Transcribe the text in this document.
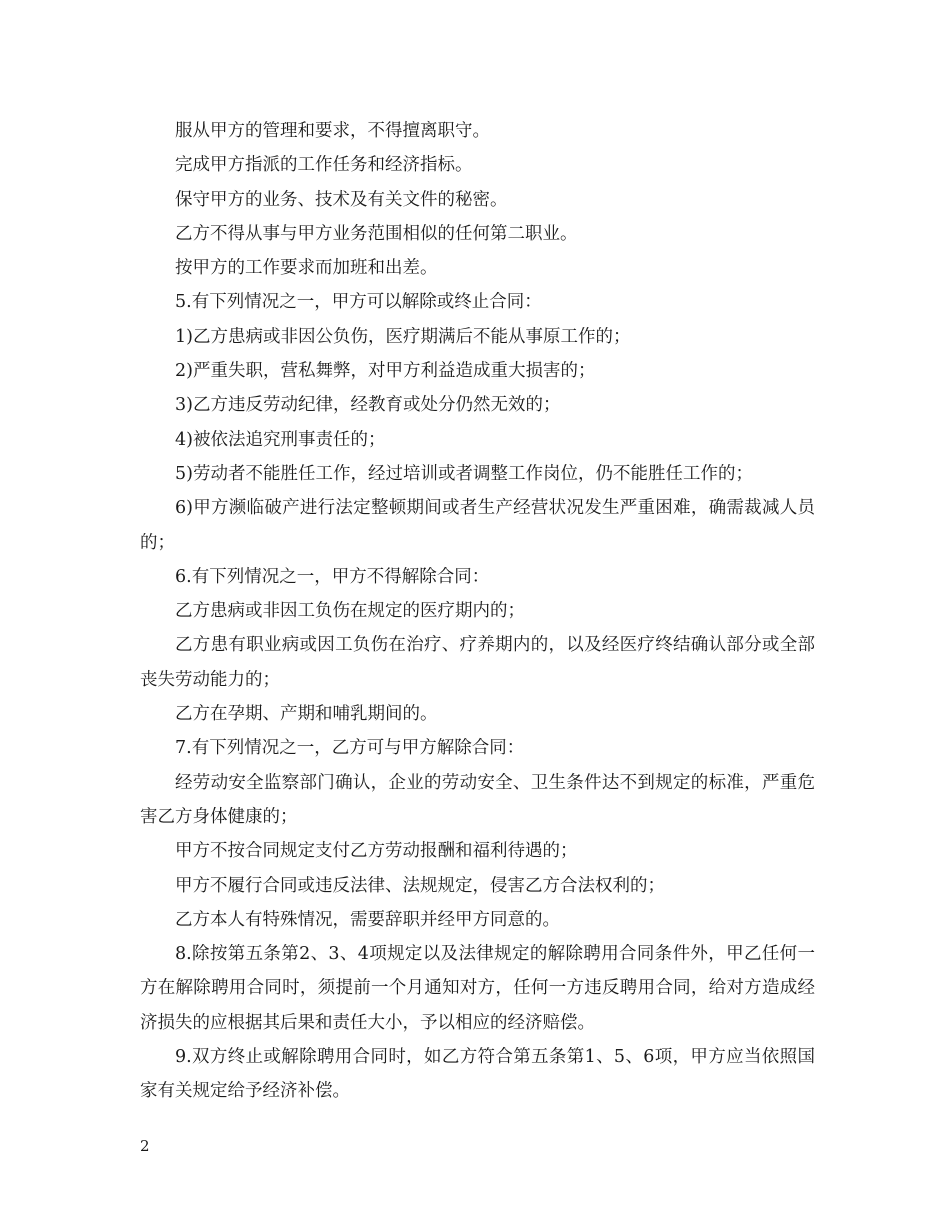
服从甲方的管理和要求，不得擅离职守。

完成甲方指派的工作任务和经济指标。

保守甲方的业务、技术及有关文件的秘密。

乙方不得从事与甲方业务范围相似的任何第二职业。

按甲方的工作要求而加班和出差。

5.有下列情况之一，甲方可以解除或终止合同：

1)乙方患病或非因公负伤，医疗期满后不能从事原工作的；

2)严重失职，营私舞弊，对甲方利益造成重大损害的；

3)乙方违反劳动纪律，经教育或处分仍然无效的；

4)被依法追究刑事责任的；

5)劳动者不能胜任工作，经过培训或者调整工作岗位，仍不能胜任工作的；

6)甲方濒临破产进行法定整顿期间或者生产经营状况发生严重困难，确需裁减人员的；

6.有下列情况之一，甲方不得解除合同：

乙方患病或非因工负伤在规定的医疗期内的；

乙方患有职业病或因工负伤在治疗、疗养期内的，以及经医疗终结确认部分或全部丧失劳动能力的；

乙方在孕期、产期和哺乳期间的。

7.有下列情况之一，乙方可与甲方解除合同：

经劳动安全监察部门确认，企业的劳动安全、卫生条件达不到规定的标准，严重危害乙方身体健康的；

甲方不按合同规定支付乙方劳动报酬和福利待遇的；

甲方不履行合同或违反法律、法规规定，侵害乙方合法权利的；

乙方本人有特殊情况，需要辞职并经甲方同意的。

8.除按第五条第2、3、4项规定以及法律规定的解除聘用合同条件外，甲乙任何一方在解除聘用合同时，须提前一个月通知对方，任何一方违反聘用合同，给对方造成经济损失的应根据其后果和责任大小，予以相应的经济赔偿。

9.双方终止或解除聘用合同时，如乙方符合第五条第1、5、6项，甲方应当依照国家有关规定给予经济补偿。

2
